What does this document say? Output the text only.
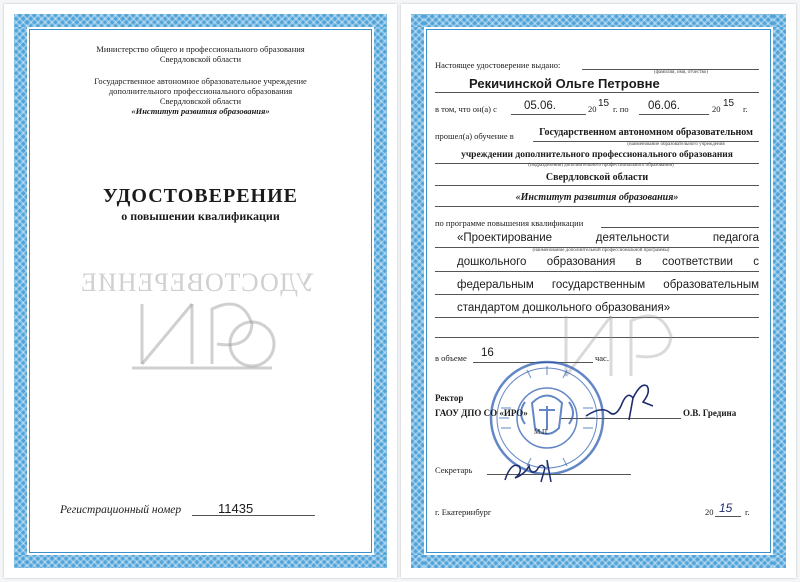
Министерство общего и профессионального образования
Свердловской области
Государственное автономное образовательное учреждение
дополнительного профессионального образования
Свердловской области
«Институт развития образования»
УДОСТОВЕРЕНИЕ
о повышении квалификации
УДОСТОВЕРЕНИЕ
Регистрационный номер	11435
Настоящее удостоверение выдано:
(фамилия, имя, отчество)
Рекичинской Ольге Петровне
в том, что он(а) с 05.06.	20 15 г. по 06.06.	20 15 г.
прошел(а) обучение в	Государственном автономном образовательном
(наименование образовательного учреждения
учреждении дополнительного профессионального образования
(подразделения) дополнительного профессионального образования)
Свердловской области
«Институт развития образования»
по программе повышения квалификации
«Проектирование деятельности педагога
(наименование дополнительной профессиональной программы)
дошкольного образования в соответствии с
федеральным государственным образовательным
стандартом дошкольного образования»
в объеме 16	час.
Ректор
ГАОУ ДПО СО «ИРО»	О.В. Гредина
М.П.
Секретарь
г. Екатеринбург	20 15 г.
